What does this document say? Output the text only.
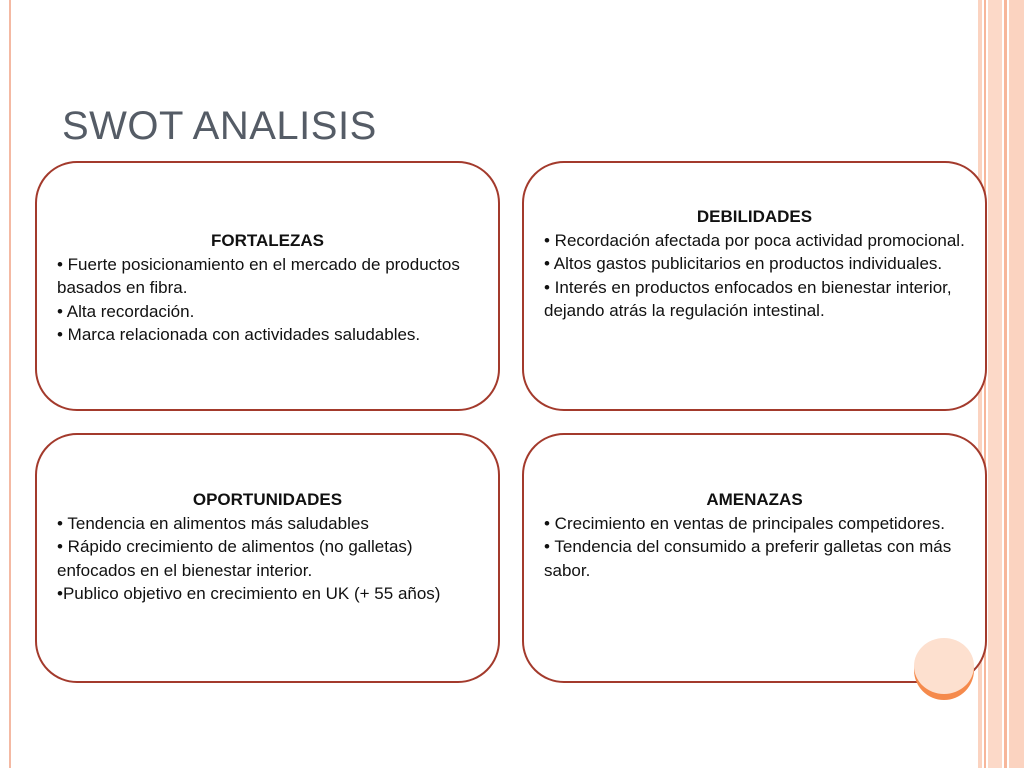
SWOT ANALISIS
FORTALEZAS

• Fuerte posicionamiento en el mercado de productos basados en fibra.

• Alta recordación.

• Marca relacionada con actividades saludables.

DEBILIDADES

• Recordación afectada por poca actividad promocional.

• Altos gastos publicitarios en productos individuales.

• Interés en productos enfocados en bienestar interior, dejando atrás la regulación intestinal.

OPORTUNIDADES

• Tendencia en alimentos más saludables

• Rápido crecimiento de alimentos (no galletas) enfocados en el bienestar interior.

•Publico objetivo en crecimiento en UK (+ 55 años)

AMENAZAS

• Crecimiento en ventas de principales competidores.

• Tendencia del consumido a preferir galletas con más sabor.
